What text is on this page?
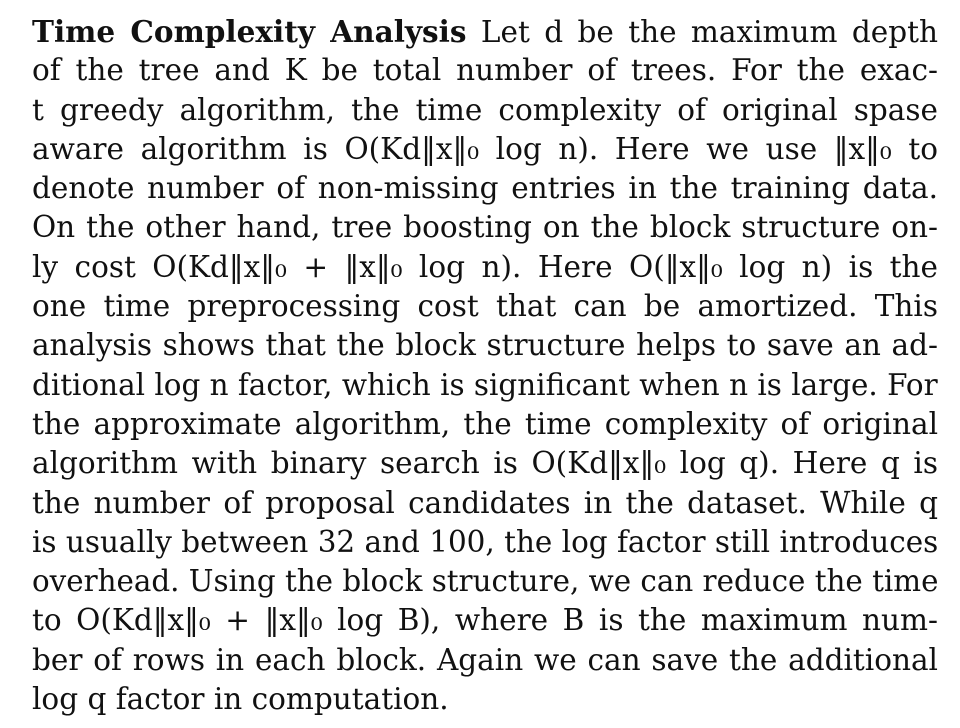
Time Complexity Analysis Let d be the maximum depth
of the tree and K be total number of trees. For the exac-
t greedy algorithm, the time complexity of original spase
aware algorithm is O(Kd‖x‖₀ log n). Here we use ‖x‖₀ to
denote number of non-missing entries in the training data.
On the other hand, tree boosting on the block structure on-
ly cost O(Kd‖x‖₀ + ‖x‖₀ log n). Here O(‖x‖₀ log n) is the
one time preprocessing cost that can be amortized. This
analysis shows that the block structure helps to save an ad-
ditional log n factor, which is significant when n is large. For
the approximate algorithm, the time complexity of original
algorithm with binary search is O(Kd‖x‖₀ log q). Here q is
the number of proposal candidates in the dataset. While q
is usually between 32 and 100, the log factor still introduces
overhead. Using the block structure, we can reduce the time
to O(Kd‖x‖₀ + ‖x‖₀ log B), where B is the maximum num-
ber of rows in each block. Again we can save the additional
log q factor in computation.
